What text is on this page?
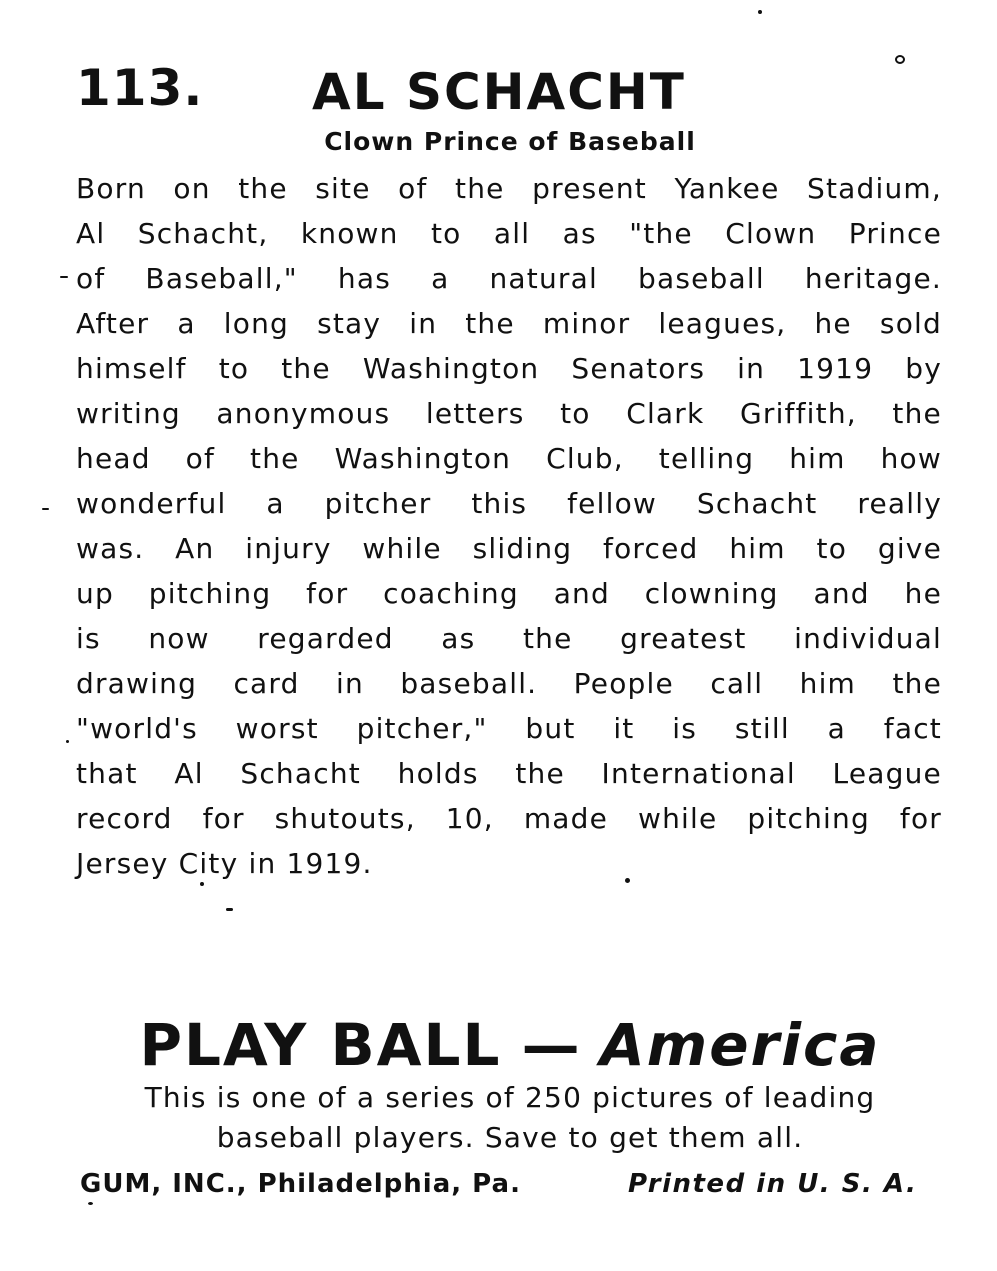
113. AL SCHACHT
Clown Prince of Baseball
Born on the site of the present Yankee Stadium,
Al Schacht, known to all as "the Clown Prince
of Baseball," has a natural baseball heritage.
After a long stay in the minor leagues, he sold
himself to the Washington Senators in 1919 by
writing anonymous letters to Clark Griffith, the
head of the Washington Club, telling him how
wonderful a pitcher this fellow Schacht really
was. An injury while sliding forced him to give
up pitching for coaching and clowning and he
is now regarded as the greatest individual
drawing card in baseball. People call him the
"world's worst pitcher," but it is still a fact
that Al Schacht holds the International League
record for shutouts, 10, made while pitching for
Jersey City in 1919.
PLAY BALL — America
This is one of a series of 250 pictures of leading
baseball players. Save to get them all.
GUM, INC., Philadelphia, Pa.	Printed in U. S. A.
